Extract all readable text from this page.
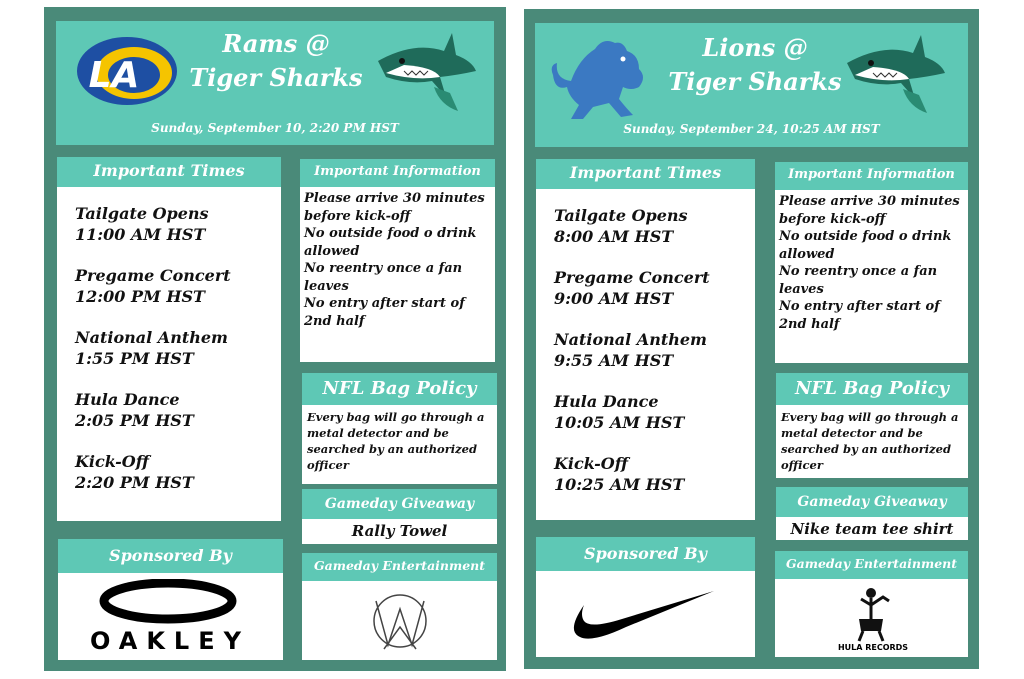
LA
Rams @
Tiger Sharks
Sunday, September 10, 2:20 PM HST
Important Times
Tailgate Opens
11:00 AM HST
Pregame Concert
12:00 PM HST
National Anthem
1:55 PM HST
Hula Dance
2:05 PM HST
Kick-Off
2:20 PM HST
Important Information
Please arrive 30 minutes before kick-off
No outside food o drink allowed
No reentry once a fan leaves
No entry after start of 2nd half
NFL Bag Policy
Every bag will go through a metal detector and be searched by an authorized officer
Gameday Giveaway
Rally Towel
Sponsored By
OAKLEY
Gameday Entertainment
Lions @
Tiger Sharks
Sunday, September 24, 10:25 AM HST
Important Times
Tailgate Opens
8:00 AM HST
Pregame Concert
9:00 AM HST
National Anthem
9:55 AM HST
Hula Dance
10:05 AM HST
Kick-Off
10:25 AM HST
Important Information
Please arrive 30 minutes before kick-off
No outside food o drink allowed
No reentry once a fan leaves
No entry after start of 2nd half
NFL Bag Policy
Every bag will go through a metal detector and be searched by an authorized officer
Gameday Giveaway
Nike team tee shirt
Sponsored By
Gameday Entertainment
HULA RECORDS
